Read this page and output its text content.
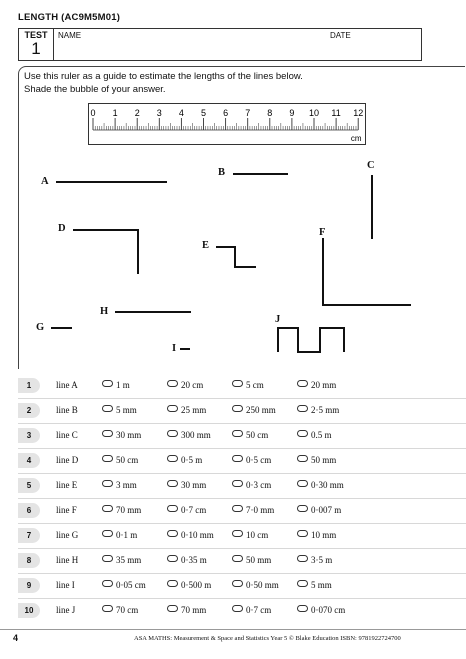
LENGTH (AC9M5M01)
TEST
1
NAME	DATE
Use this ruler as a guide to estimate the lengths of the lines below.
Shade the bubble of your answer.
0 1 2 3 4 5 6 7 8 9 10 11 12
cm
A
B
C
D
E
F
G
H
I
J
1	line A	1 m	20 cm	5 cm	20 mm
2	line B	5 mm	25 mm	250 mm	2·5 mm
3	line C	30 mm	300 mm	50 cm	0.5 m
4	line D	50 cm	0·5 m	0·5 cm	50 mm
5	line E	3 mm	30 mm	0·3 cm	0·30 mm
6	line F	70 mm	0·7 cm	7·0 mm	0·007 m
7	line G	0·1 m	0·10 mm	10 cm	10 mm
8	line H	35 mm	0·35 m	50 mm	3·5 m
9	line I	0·05 cm	0·500 m	0·50 mm	5 mm
10	line J	70 cm	70 mm	0·7 cm	0·070 cm
4	ASA MATHS: Measurement & Space and Statistics Year 5 © Blake Education ISBN: 9781922724700
